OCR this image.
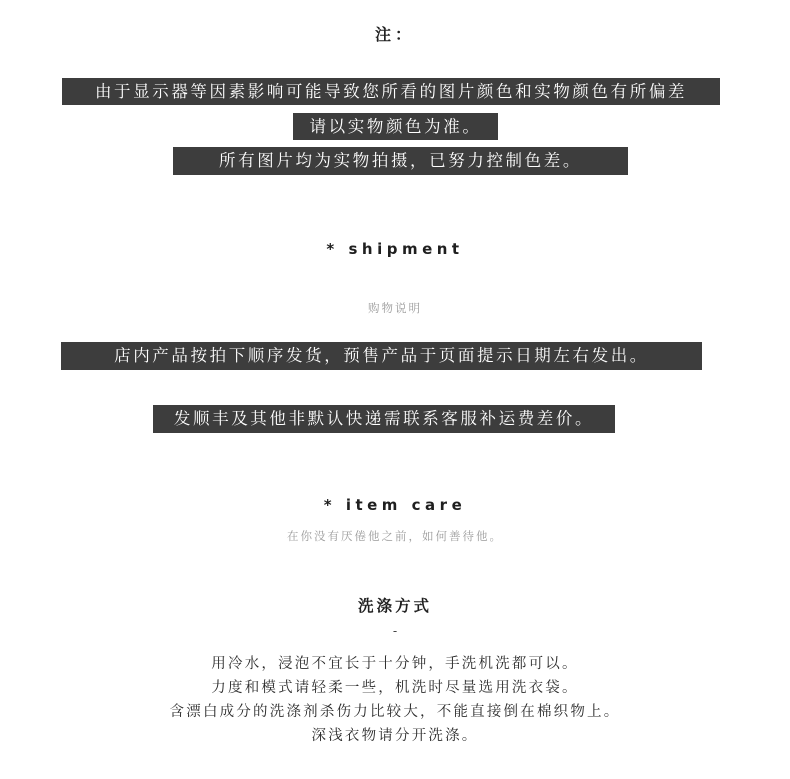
注：
由于显示器等因素影响可能导致您所看的图片颜色和实物颜色有所偏差
请以实物颜色为准。
所有图片均为实物拍摄，已努力控制色差。
* shipment
购物说明
店内产品按拍下顺序发货，预售产品于页面提示日期左右发出。
发顺丰及其他非默认快递需联系客服补运费差价。
* item care
在你没有厌倦他之前，如何善待他。
洗涤方式
-
用冷水，浸泡不宜长于十分钟，手洗机洗都可以。
力度和模式请轻柔一些，机洗时尽量选用洗衣袋。
含漂白成分的洗涤剂杀伤力比较大，不能直接倒在棉织物上。
深浅衣物请分开洗涤。
